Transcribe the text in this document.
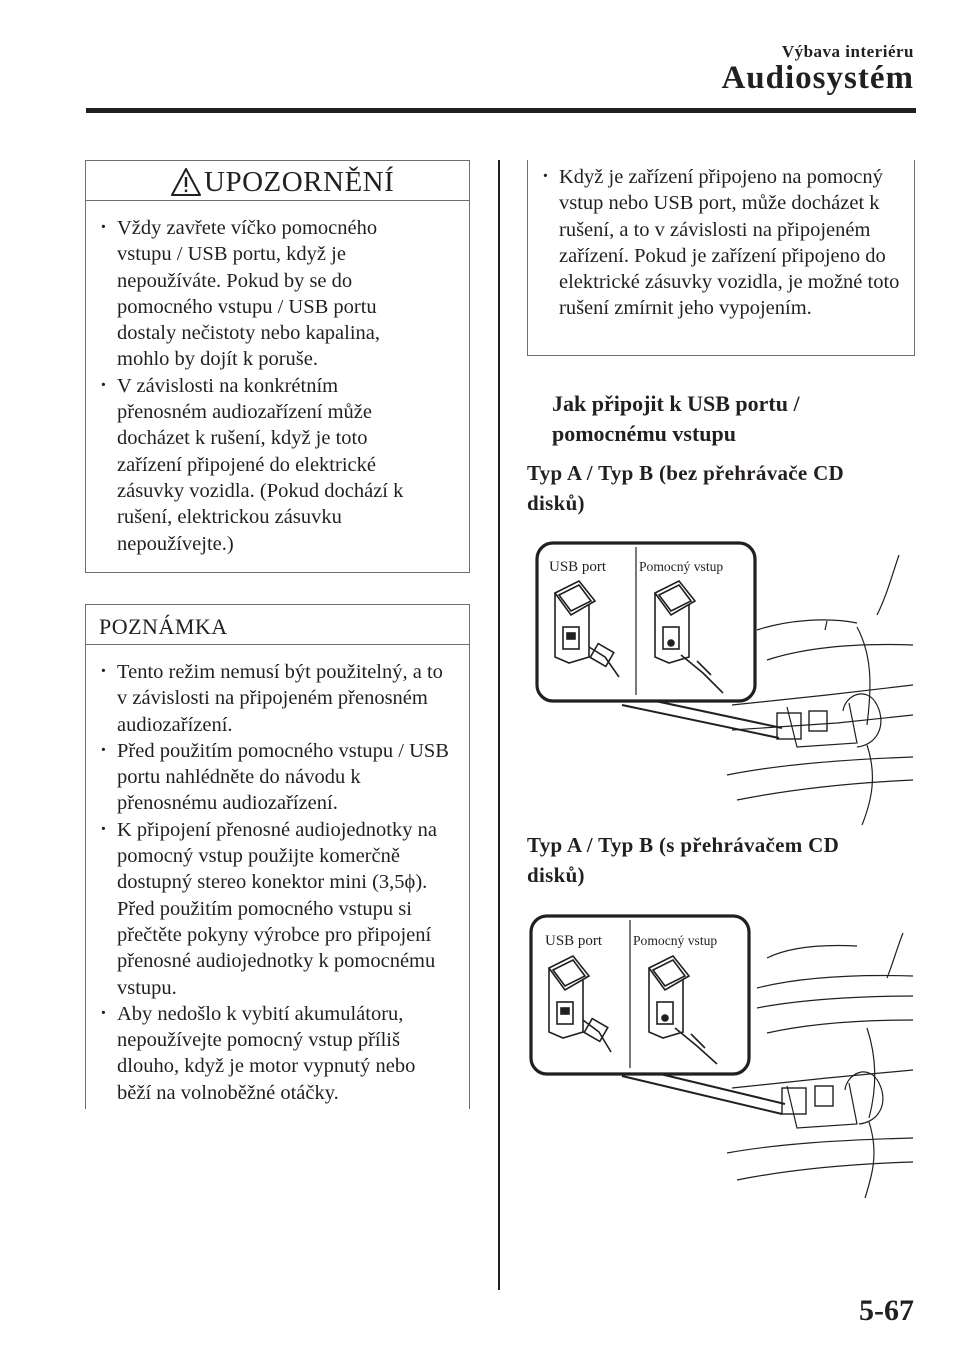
Výbava interiéru
Audiosystém
UPOZORNĚNÍ
· Vždy zavřete víčko pomocného vstupu / USB portu, když je nepoužíváte. Pokud by se do pomocného vstupu / USB portu dostaly nečistoty nebo kapalina, mohlo by dojít k poruše.
· V závislosti na konkrétním přenosném audiozařízení může docházet k rušení, když je toto zařízení připojené do elektrické zásuvky vozidla. (Pokud dochází k rušení, elektrickou zásuvku nepoužívejte.)
POZNÁMKA
· Tento režim nemusí být použitelný, a to v závislosti na připojeném přenosném audiozařízení.
· Před použitím pomocného vstupu / USB portu nahlédněte do návodu k přenosnému audiozařízení.
· K připojení přenosné audiojednotky na pomocný vstup použijte komerčně dostupný stereo konektor mini (3,5ϕ). Před použitím pomocného vstupu si přečtěte pokyny výrobce pro připojení přenosné audiojednotky k pomocnému vstupu.
· Aby nedošlo k vybití akumulátoru, nepoužívejte pomocný vstup příliš dlouho, když je motor vypnutý nebo běží na volnoběžné otáčky.
· Když je zařízení připojeno na pomocný vstup nebo USB port, může docházet k rušení, a to v závislosti na připojeném zařízení. Pokud je zařízení připojeno do elektrické zásuvky vozidla, je možné toto rušení zmírnit jeho vypojením.
Jak připojit k USB portu / pomocnému vstupu
Typ A / Typ B (bez přehrávače CD disků)
USB port Pomocný vstup
Typ A / Typ B (s přehrávačem CD disků)
USB port Pomocný vstup
5-67
